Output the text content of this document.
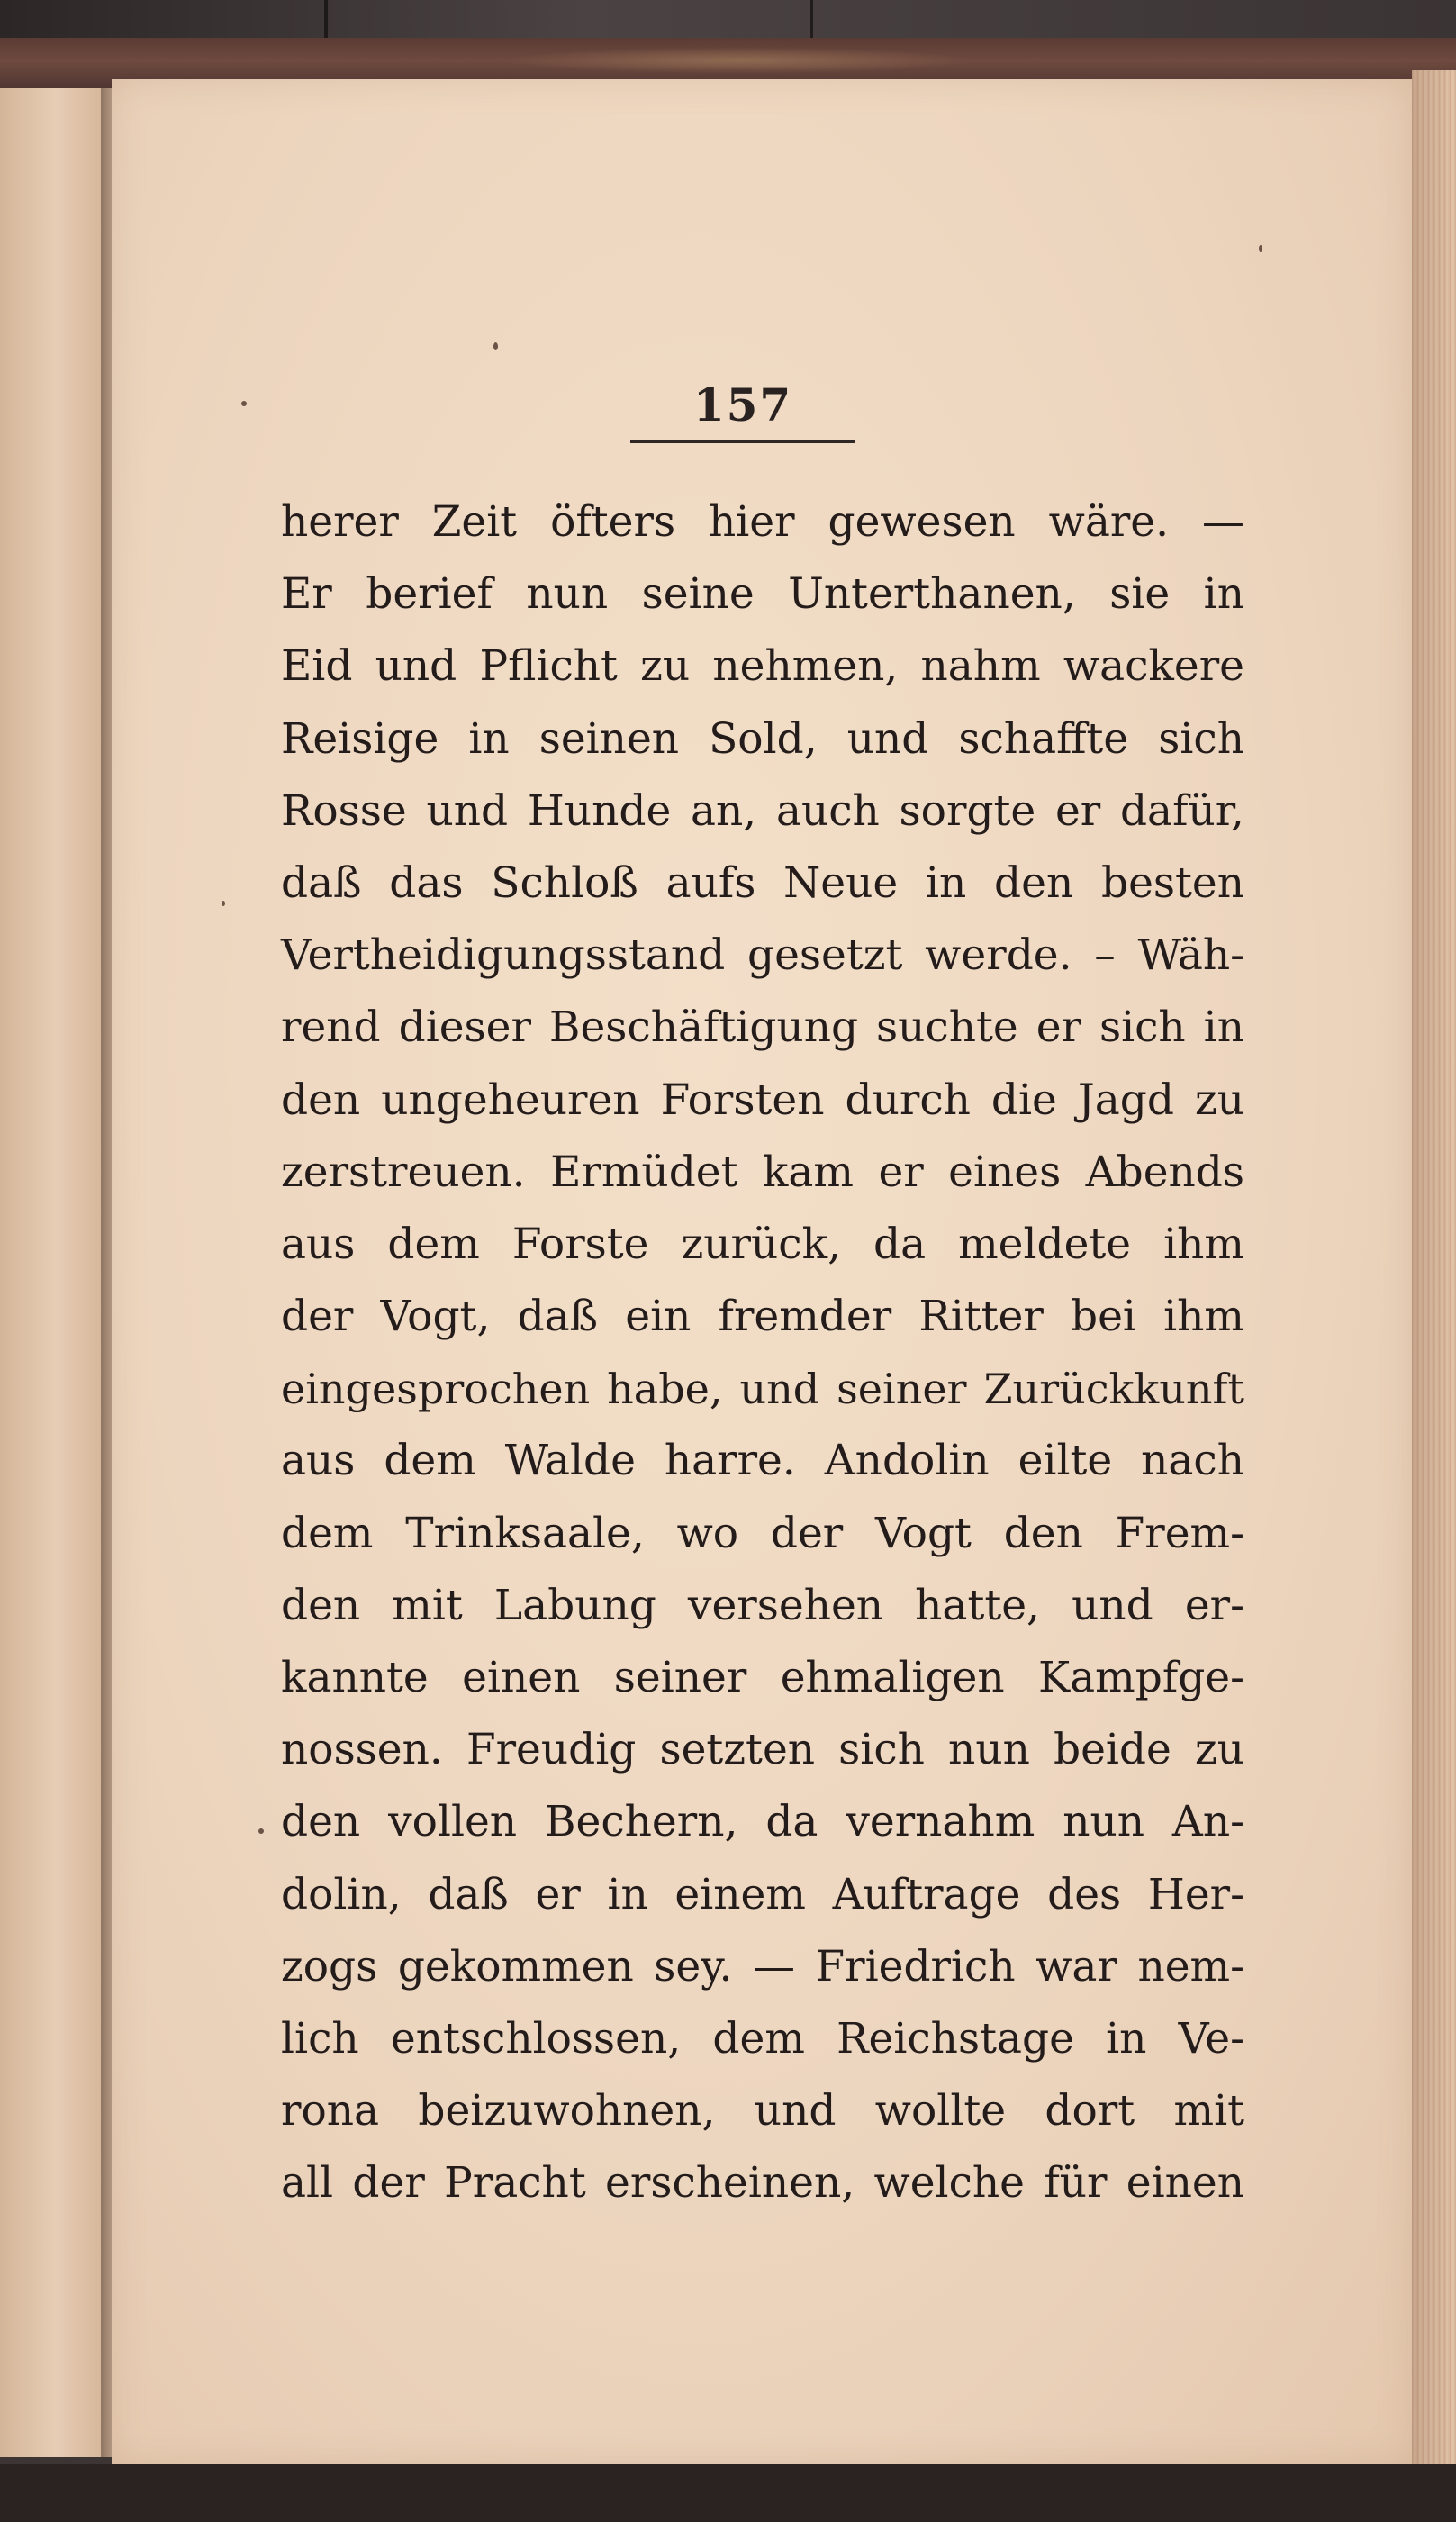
157
herer Zeit öfters hier gewesen wäre. —
Er berief nun seine Unterthanen, sie in
Eid und Pflicht zu nehmen, nahm wackere
Reisige in seinen Sold, und schaffte sich
Rosse und Hunde an, auch sorgte er dafür,
daß das Schloß aufs Neue in den besten
Vertheidigungsstand gesetzt werde. – Wäh-
rend dieser Beschäftigung suchte er sich in
den ungeheuren Forsten durch die Jagd zu
zerstreuen. Ermüdet kam er eines Abends
aus dem Forste zurück, da meldete ihm
der Vogt, daß ein fremder Ritter bei ihm
eingesprochen habe, und seiner Zurückkunft
aus dem Walde harre. Andolin eilte nach
dem Trinksaale, wo der Vogt den Frem-
den mit Labung versehen hatte, und er-
kannte einen seiner ehmaligen Kampfge-
nossen. Freudig setzten sich nun beide zu
den vollen Bechern, da vernahm nun An-
dolin, daß er in einem Auftrage des Her-
zogs gekommen sey. — Friedrich war nem-
lich entschlossen, dem Reichstage in Ve-
rona beizuwohnen, und wollte dort mit
all der Pracht erscheinen, welche für einen
